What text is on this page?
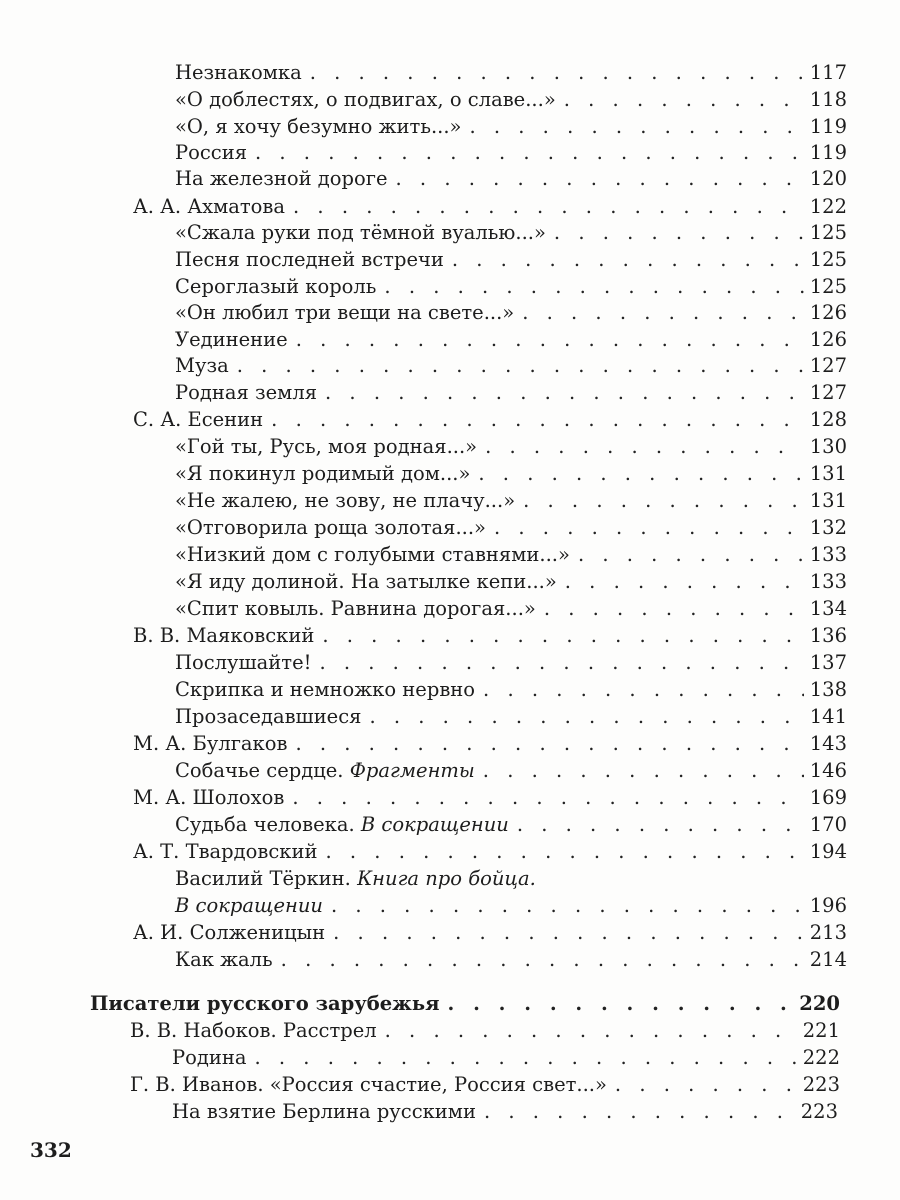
Незнакомка . . .	117
«О доблестях, о подвигах, о славе...» . . .	118
«О, я хочу безумно жить...» . . .	119
Россия . . .	119
На железной дороге . . .	120
А. А. Ахматова . . .	122
«Сжала руки под тёмной вуалью...» . . .	125
Песня последней встречи . . .	125
Сероглазый король . . .	125
«Он любил три вещи на свете...» . . .	126
Уединение . . .	126
Муза . . .	127
Родная земля . . .	127
С. А. Есенин . . .	128
«Гой ты, Русь, моя родная...» . . .	130
«Я покинул родимый дом...» . . .	131
«Не жалею, не зову, не плачу...» . . .	131
«Отговорила роща золотая...» . . .	132
«Низкий дом с голубыми ставнями...» . . .	133
«Я иду долиной. На затылке кепи...» . . .	133
«Спит ковыль. Равнина дорогая...» . . .	134
В. В. Маяковский . . .	136
Послушайте! . . .	137
Скрипка и немножко нервно . . .	138
Прозаседавшиеся . . .	141
М. А. Булгаков . . .	143
Собачье сердце. Фрагменты . . .	146
М. А. Шолохов . . .	169
Судьба человека. В сокращении . . .	170
А. Т. Твардовский . . .	194
Василий Тёркин. Книга про бойца.
В сокращении . . .	196
А. И. Солженицын . . .	213
Как жаль . . .	214
Писатели русского зарубежья . . .	220
В. В. Набоков. Расстрел . . .	221
Родина . . .	222
Г. В. Иванов. «Россия счастие, Россия свет...» . . .	223
На взятие Берлина русскими . . .	223
332
